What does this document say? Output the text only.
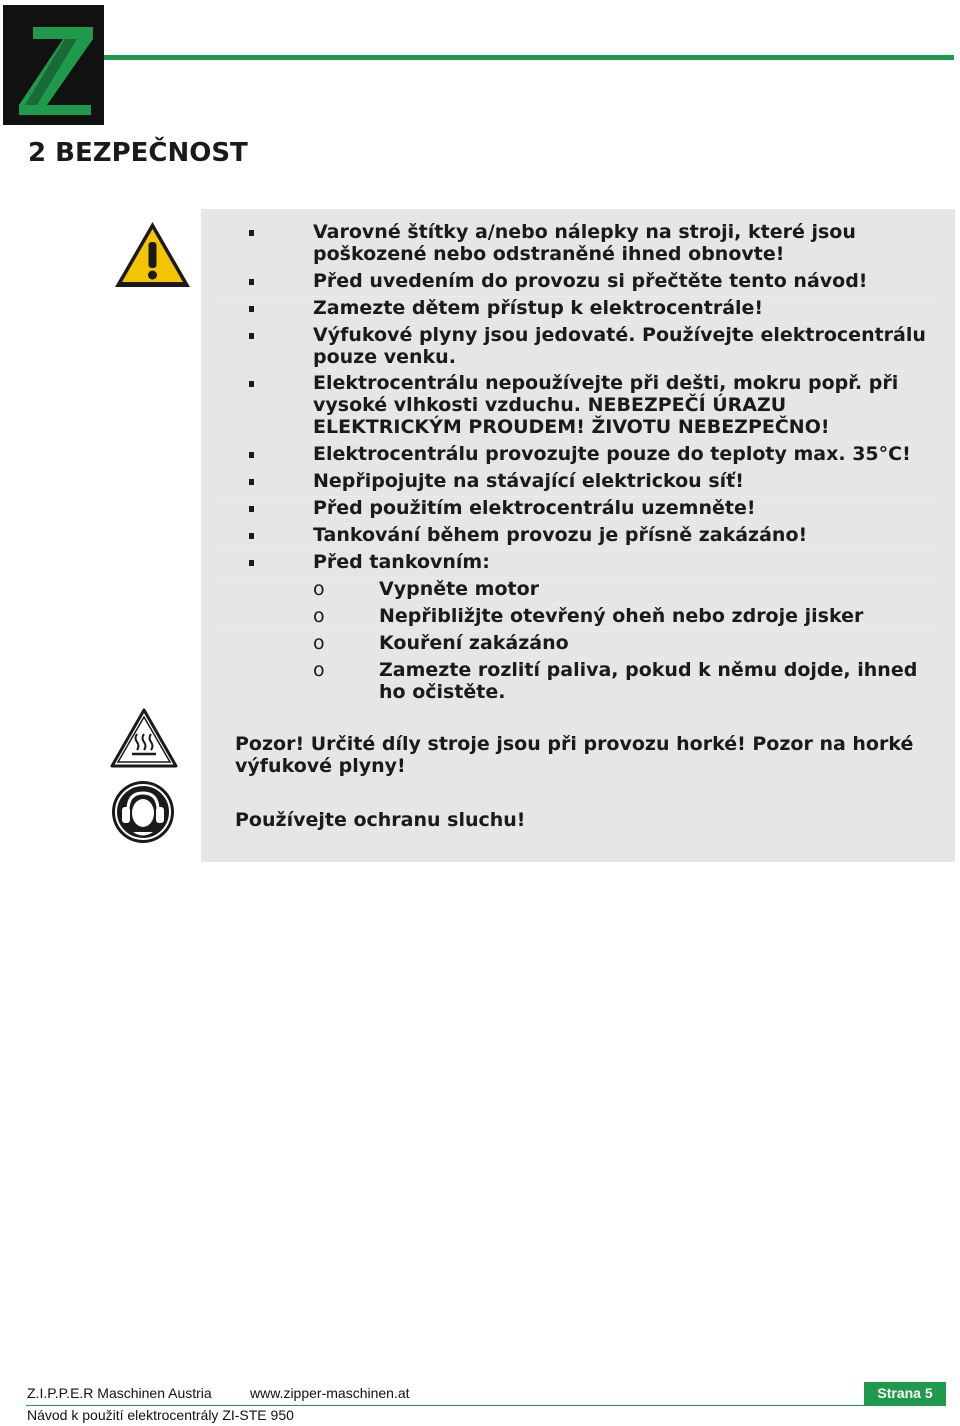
2 BEZPEČNOST
Varovné štítky a/nebo nálepky na stroji, které jsou poškozené nebo odstraněné ihned obnovte!
Před uvedením do provozu si přečtěte tento návod!
Zamezte dětem přístup k elektrocentrále!
Výfukové plyny jsou jedovaté. Používejte elektrocentrálu pouze venku.
Elektrocentrálu nepoužívejte při dešti, mokru popř. při vysoké vlhkosti vzduchu. NEBEZPEČÍ ÚRAZU ELEKTRICKÝM PROUDEM! ŽIVOTU NEBEZPEČNO!
Elektrocentrálu provozujte pouze do teploty max. 35°C!
Nepřipojujte na stávající elektrickou síť!
Před použitím elektrocentrálu uzemněte!
Tankování během provozu je přísně zakázáno!
Před tankovním:
o	Vypněte motor
o	Nepřibližjte otevřený oheň nebo zdroje jisker
o	Kouření zakázáno
o	Zamezte rozlití paliva, pokud k němu dojde, ihned ho očistěte.
Pozor! Určité díly stroje jsou při provozu horké! Pozor na horké výfukové plyny!
Používejte ochranu sluchu!
Z.I.P.P.E.R Maschinen Austria	www.zipper-maschinen.at	Strana 5
Návod k použití elektrocentrály ZI-STE 950
